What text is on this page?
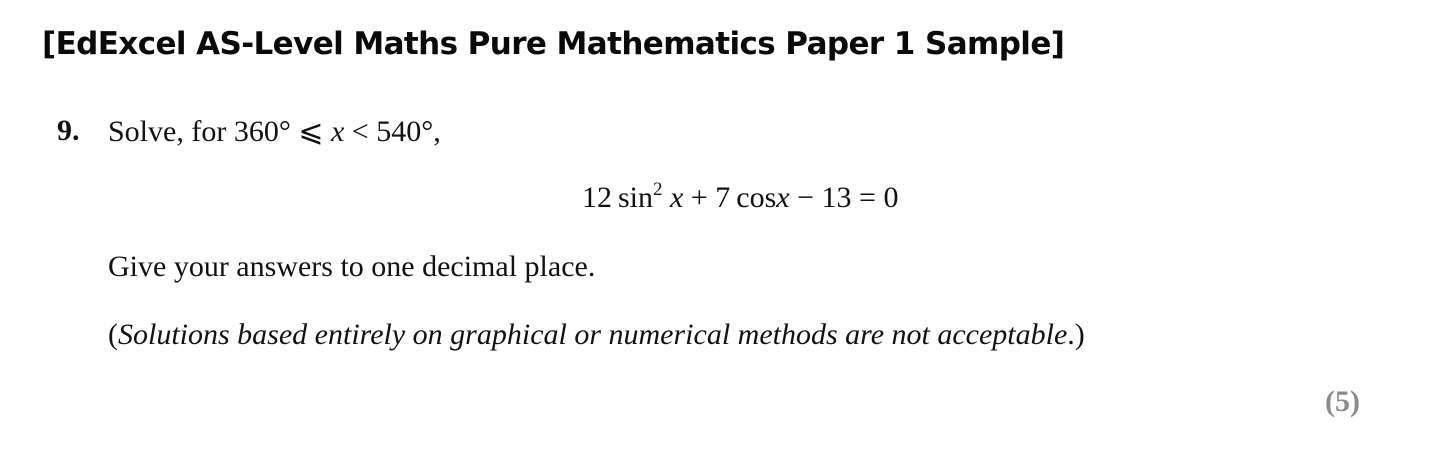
[EdExcel AS-Level Maths Pure Mathematics Paper 1 Sample]
9. Solve, for 360° ⩽ x < 540°,
12 $\sin^2 x + 7$ cosx − 13 = 0
Give your answers to one decimal place.
(Solutions based entirely on graphical or numerical methods are not acceptable.)
(5)
